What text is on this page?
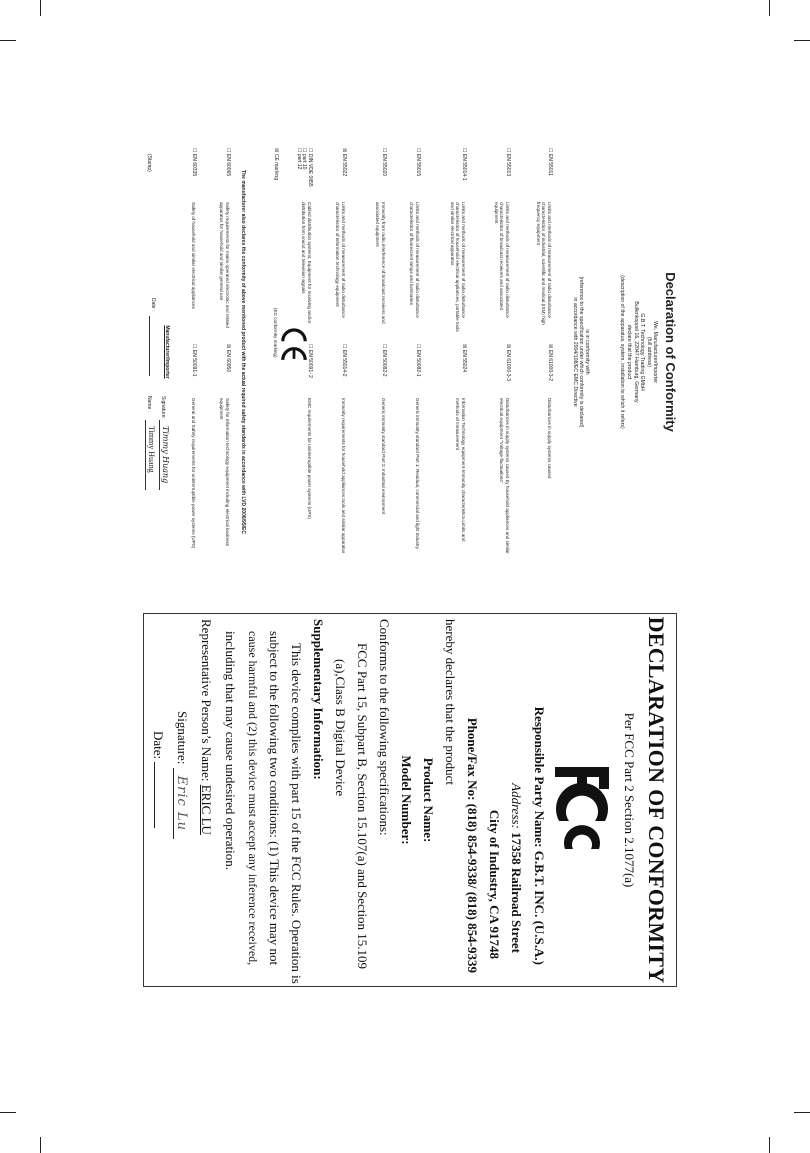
Declaration of Conformity
We, Manufacturer/Importer
(full address)
G.B.T. Technology Trading GMbH
Bullenkoppel 16, 22047 Hamburg, Germany
declare that the product
(description of the apparatus, system, installation to which it refers)
is in conformity with
(reference to the specification under which conformity is declared)
in accordance with 2004/108/EC EMC Directive
☐ EN 55011
Limits and methods of measurement of radio disturbance characteristics of industrial, scientific and medical (ISM) high frequency equipment
☒ EN 61000-3-2
Disturbances in supply systems caused
☐ EN 55013
Limits and methods of measurement of radio disturbance characteristics of broadcast receivers and associated equipment
☒ EN 61000-3-3
Disturbances in supply systems caused by household appliances and similar electrical equipment "Voltage fluctuations"
☐ EN 55014-1
Limits and methods of measurement of radio disturbance characteristics of household electrical appliances, portable tools and similar electrical apparatus
☒ EN 55024
Information Technology equipment-Immunity characteristics-Limits and methods of measurement
☐ EN 55015
Limits and methods of measurement of radio disturbance characteristics of fluorescent lamps and luminaries
☐ EN 50082-1
Generic immunity standard Part 1: Residual, commercial and light industry
☐ EN 55020
Immunity from radio interference of broadcast receivers and associated equipment
☐ EN 50082-2
Generic immunity standard Part 2: Industrial environment
☒ EN 55022
Limits and methods of measurement of radio disturbance characteristics of information technology equipment
☐ EN 55014-2
Immunity requirements for household appliances tools and similar apparatus
☐ DIN VDE 0855
☐ part 10
☐ part 12
Cabled distribution systems; Equipment for receiving and/or distribution from sound and television signals
☐ EN 50091- 2
EMC requirements for uninterruptible power systems (UPS)
☒ CE marking
(EC conformity marking)
The manufacturer also declares the conformity of above mentioned product with the actual required safety standards in accordance with LVD 2006/95/EC
☐ EN 60065
Safety requirements for mains operated electronic and related apparatus for household and similar general use
☒ EN 60950
Safety for information technology equipment including electrical business equipment
☐ EN 60335
Safety of household and similar electrical appliances
☐ EN 50091-1
General and Safety requirements for uninterruptible power systems (UPS)
Manufacturer/Importer
(Stamp)
Date :
Signature:
Timmy Huang
Name :
Timmy Huang
DECLARATION OF CONFORMITY
Per FCC Part 2 Section 2.1077(a)
Responsible Party Name: G.B.T. INC. (U.S.A.)
Address: 17358 Railroad Street
City of Industry, CA 91748
Phone/Fax No: (818) 854-9338/ (818) 854-9339
hereby declares that the product
Product Name:
Model Number:
Conforms to the following specifications:
FCC Part 15, Subpart B, Section 15.107(a) and Section 15.109
(a),Class B Digital Device
Supplementary Information:
This device complies with part 15 of the FCC Rules. Operation is
subject to the following two conditions: (1) This device may not
cause harmful and (2) this device must accept any inference received,
including that may cause undesired operation.
Representative Person’s Name: ERIC LU
Signature: Eric Lu
Date:
